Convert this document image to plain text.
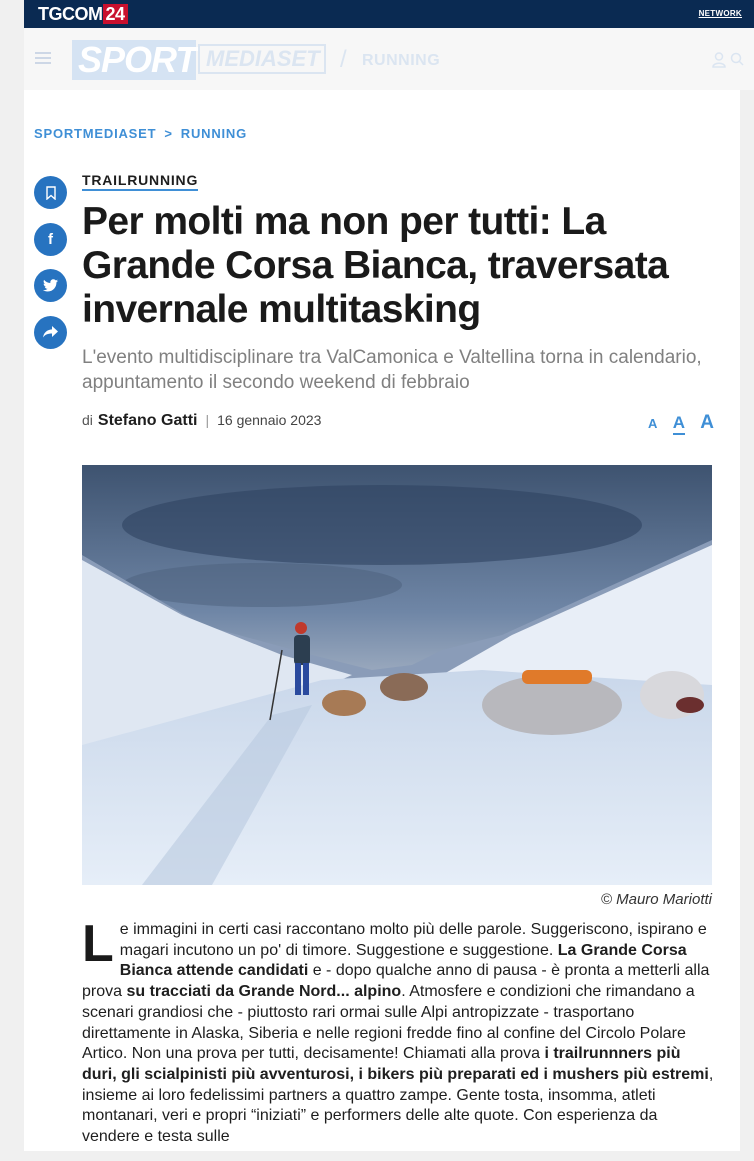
TGCOM 24	NETWORK
SPORT MEDIASET / RUNNING
SPORTMEDIASET > RUNNING
f
TRAILRUNNING
Per molti ma non per tutti: La Grande Corsa Bianca, traversata invernale multitasking

L'evento multidisciplinare tra ValCamonica e Valtellina torna in calendario, appuntamento il secondo weekend di febbraio

di Stefano Gatti | 16 gennaio 2023	A A A
© Mauro Mariotti
L e immagini in certi casi raccontano molto più delle parole. Suggeriscono, ispirano e magari incutono un po' di timore. Suggestione e suggestione. La Grande Corsa Bianca attende candidati e - dopo qualche anno di pausa - è pronta a metterli alla prova su tracciati da Grande Nord... alpino. Atmosfere e condizioni che rimandano a scenari grandiosi che - piuttosto rari ormai sulle Alpi antropizzate - trasportano direttamente in Alaska, Siberia e nelle regioni fredde fino al confine del Circolo Polare Artico. Non una prova per tutti, decisamente! Chiamati alla prova i trailrunnners più duri, gli scialpinisti più avventurosi, i bikers più preparati ed i mushers più estremi, insieme ai loro fedelissimi partners a quattro zampe. Gente tosta, insomma, atleti montanari, veri e propri “iniziati” e performers delle alte quote. Con esperienza da vendere e testa sulle
